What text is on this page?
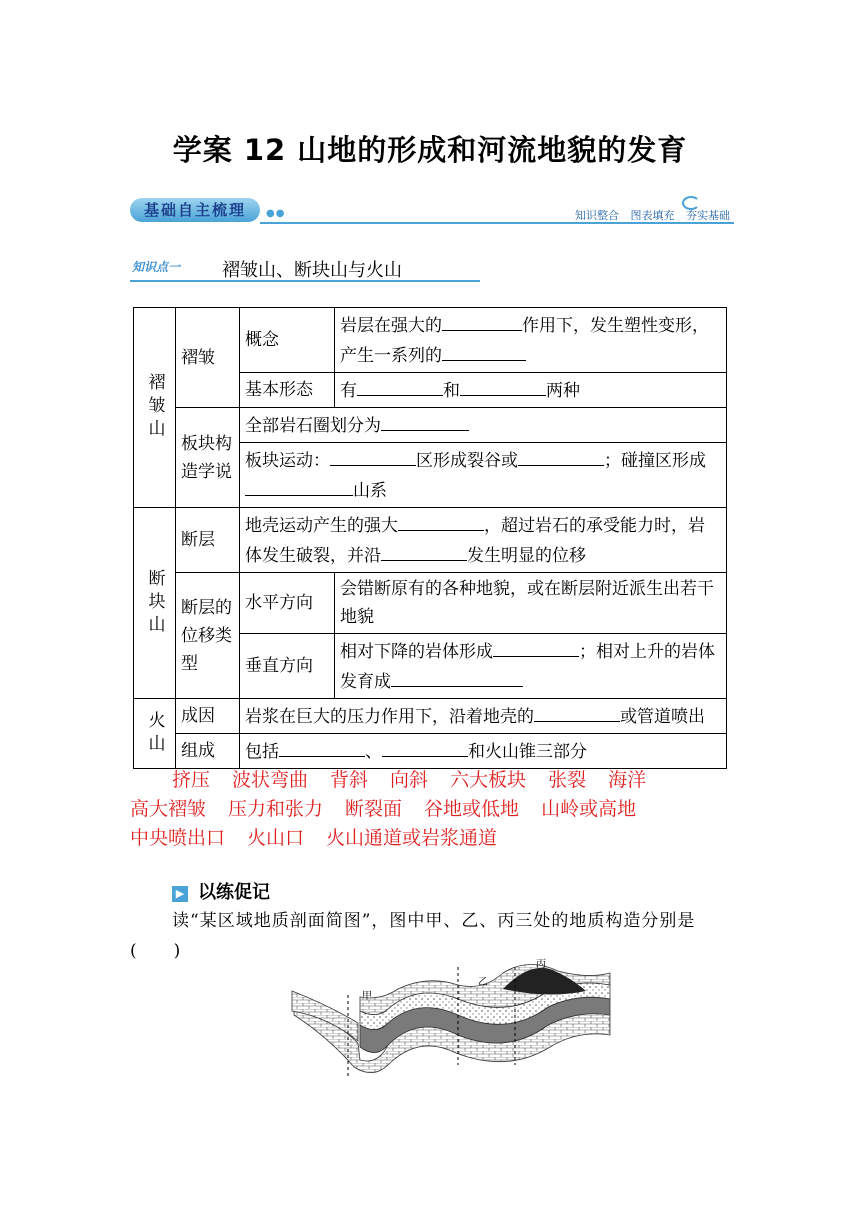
学案 12 山地的形成和河流地貌的发育
基础自主梳理	●●	知识整合 图表填充 夯实基础
知识点一 褶皱山、断块山与火山
褶皱山	褶皱	概念	岩层在强大的 作用下，发生塑性变形，产生一系列的
		基本形态	有 和 两种
	板块构造学说	全部岩石圈划分为	
		板块运动： 区形成裂谷或 ；碰撞区形成山系	
断块山	断层	地壳运动产生的强大 ，超过岩石的承受能力时，岩体发生破裂，并沿 发生明显的位移	
	断层的位移类型	水平方向	会错断原有的各种地貌，或在断层附近派生出若干地貌
		垂直方向	相对下降的岩体形成 ；相对上升的岩体发育成
火山	成因	岩浆在巨大的压力作用下，沿着地壳的 或管道喷出	
	组成	包括 、 和火山锥三部分	
挤压 波状弯曲 背斜 向斜 六大板块 张裂 海洋
高大褶皱 压力和张力 断裂面 谷地或低地 山岭或高地
中央喷出口 火山口 火山通道或岩浆通道
▶ 以练促记
读“某区域地质剖面简图”，图中甲、乙、丙三处的地质构造分别是(　　)
甲
乙
丙
